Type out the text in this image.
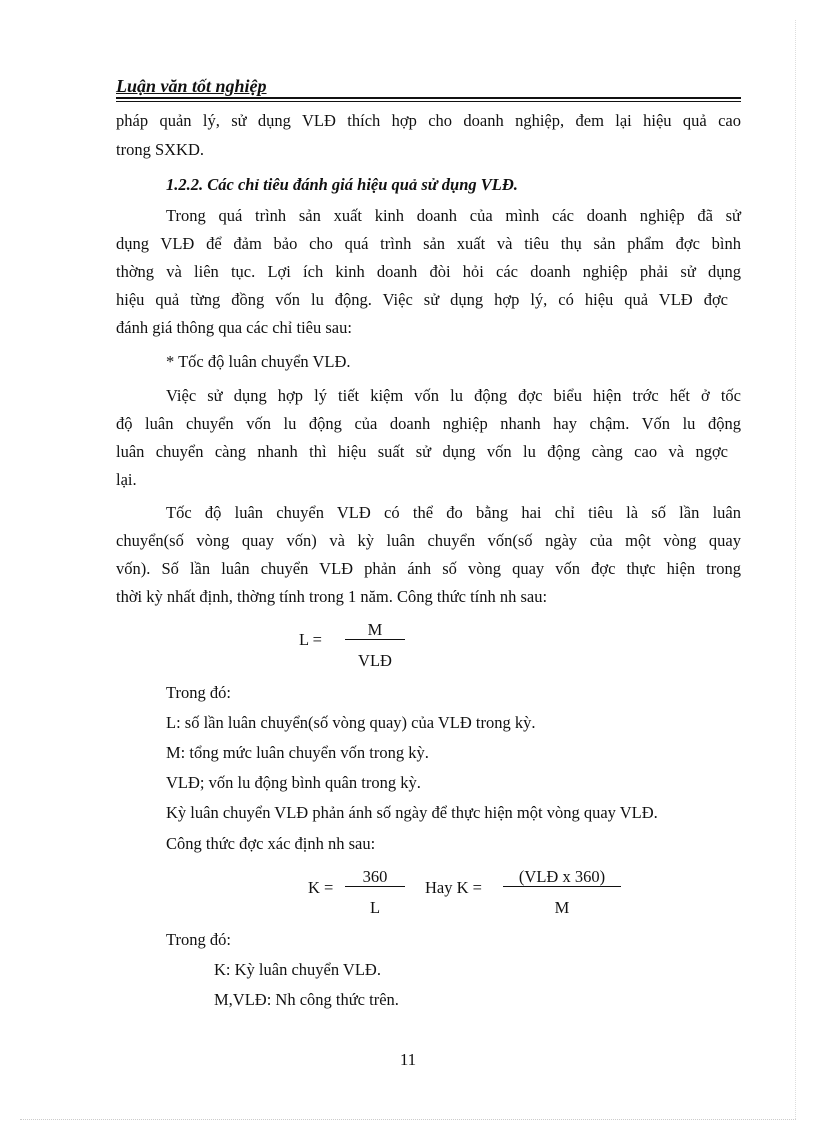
Luận văn tốt nghiệp
pháp quản lý, sử dụng VLĐ thích hợp cho doanh nghiệp, đem lại hiệu quả cao
trong SXKD.
1.2.2. Các chỉ tiêu đánh giá hiệu quả sử dụng VLĐ.
Trong quá trình sản xuất kinh doanh của mình các doanh nghiệp đã sử
dụng VLĐ để đảm bảo cho quá trình sản xuất và tiêu thụ sản phẩm đợc bình
thờng và liên tục. Lợi ích kinh doanh đòi hỏi các doanh nghiệp phải sử dụng
hiệu quả từng đồng vốn lu động. Việc sử dụng hợp lý, có hiệu quả VLĐ đợc
đánh giá thông qua các chỉ tiêu sau:
* Tốc độ luân chuyển VLĐ.
Việc sử dụng hợp lý tiết kiệm vốn lu động đợc biểu hiện trớc hết ở tốc
độ luân chuyển vốn lu động của doanh nghiệp nhanh hay chậm. Vốn lu động
luân chuyển càng nhanh thì hiệu suất sử dụng vốn lu động càng cao và ngợc
lại.
Tốc độ luân chuyển VLĐ có thể đo bằng hai chỉ tiêu là số lần luân
chuyển(số vòng quay vốn) và kỳ luân chuyển vốn(số ngày của một vòng quay
vốn). Số lần luân chuyển VLĐ phản ánh số vòng quay vốn đợc thực hiện trong
thời kỳ nhất định, thờng tính trong 1 năm. Công thức tính nh sau:
L =
M
VLĐ
Trong đó:
L: số lần luân chuyển(số vòng quay) của VLĐ trong kỳ.
M: tổng mức luân chuyển vốn trong kỳ.
VLĐ; vốn lu động bình quân trong kỳ.
Kỳ luân chuyển VLĐ phản ánh số ngày để thực hiện một vòng quay VLĐ.
Công thức đợc xác định nh sau:
K =
360
L
Hay K =
(VLĐ x 360)
M
Trong đó:
K: Kỳ luân chuyển VLĐ.
M,VLĐ: Nh công thức trên.
11
